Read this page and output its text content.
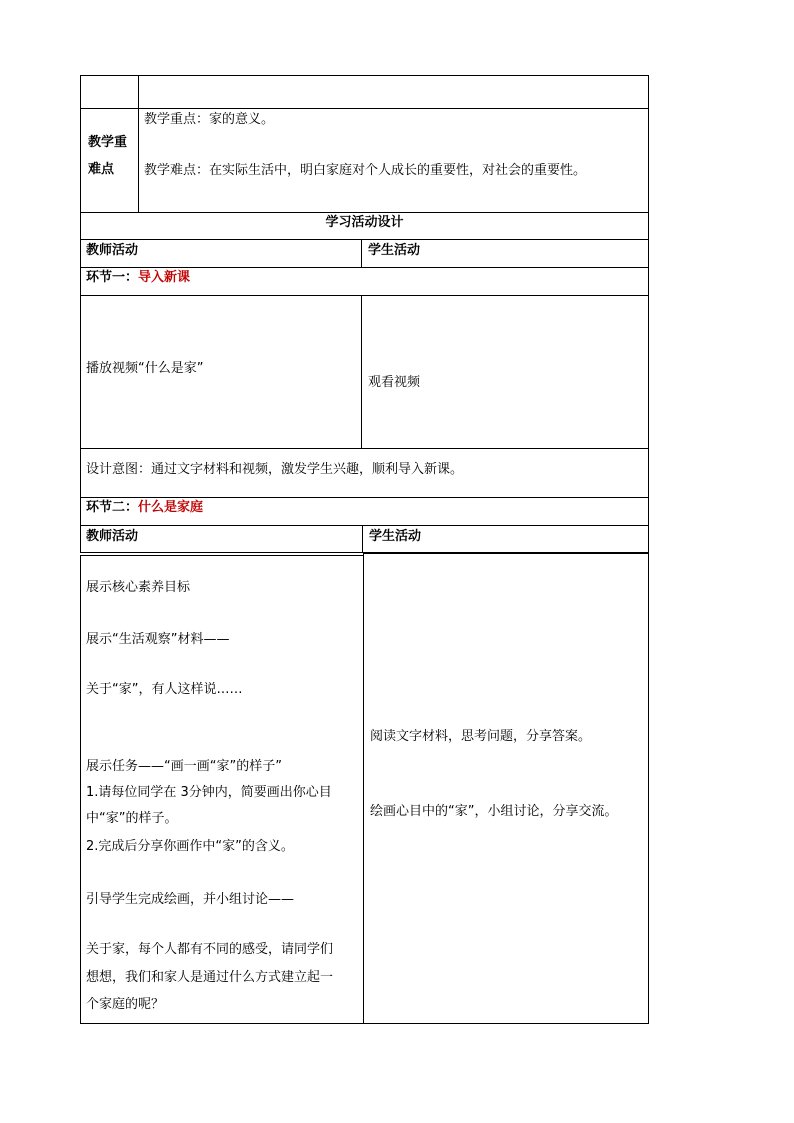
教学重
难点
教学重点：家的意义。
教学难点：在实际生活中，明白家庭对个人成长的重要性，对社会的重要性。
学习活动设计
教师活动	学生活动
环节一：导入新课
播放视频“什么是家”
观看视频
设计意图：通过文字材料和视频，激发学生兴趣，顺利导入新课。
环节二：什么是家庭
教师活动	学生活动
展示核心素养目标
展示“生活观察”材料——
关于“家”，有人这样说……
展示任务——“画一画“家”的样子”
1.请每位同学在 3分钟内，简要画出你心目
中“家”的样子。
2.完成后分享你画作中“家”的含义。
引导学生完成绘画，并小组讨论——
关于家，每个人都有不同的感受，请同学们
想想，我们和家人是通过什么方式建立起一
个家庭的呢？
阅读文字材料，思考问题，分享答案。
绘画心目中的“家”，小组讨论，分享交流。
